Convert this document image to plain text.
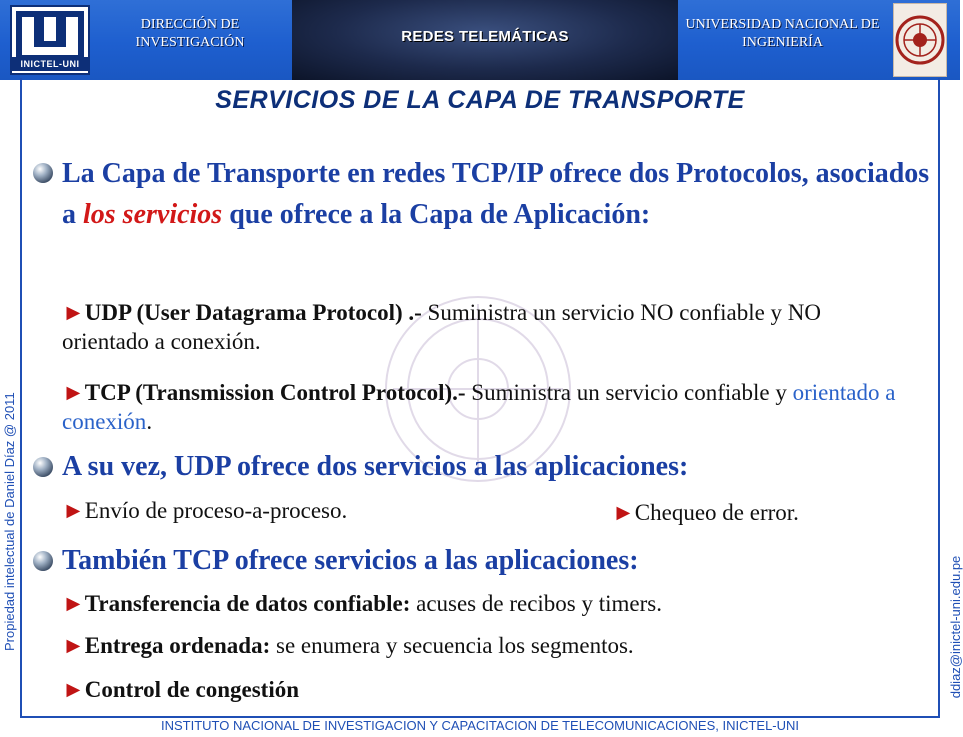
INICTEL-UNI
DIRECCIÓN DE INVESTIGACIÓN	REDES TELEMÁTICAS
UNIVERSIDAD NACIONAL DE INGENIERÍA
SERVICIOS DE LA CAPA DE TRANSPORTE
La Capa de Transporte en redes TCP/IP ofrece dos Protocolos, asociados a los servicios que ofrece a la Capa de Aplicación:
►UDP (User Datagrama Protocol) .- Suministra un servicio NO confiable y NO orientado a conexión.
►TCP (Transmission Control Protocol).- Suministra un servicio confiable y orientado a conexión.
A su vez, UDP ofrece dos servicios a las aplicaciones:
►Envío de proceso-a-proceso.	►Chequeo de error.
También TCP ofrece servicios a las aplicaciones:
►Transferencia de datos confiable: acuses de recibos y timers.
►Entrega ordenada: se enumera y secuencia los segmentos.
►Control de congestión
Propiedad intelectual de Daniel Díaz @ 2011	ddiaz@inictel-uni.edu.pe
INSTITUTO NACIONAL DE INVESTIGACION Y CAPACITACION DE TELECOMUNICACIONES, INICTEL-UNI
